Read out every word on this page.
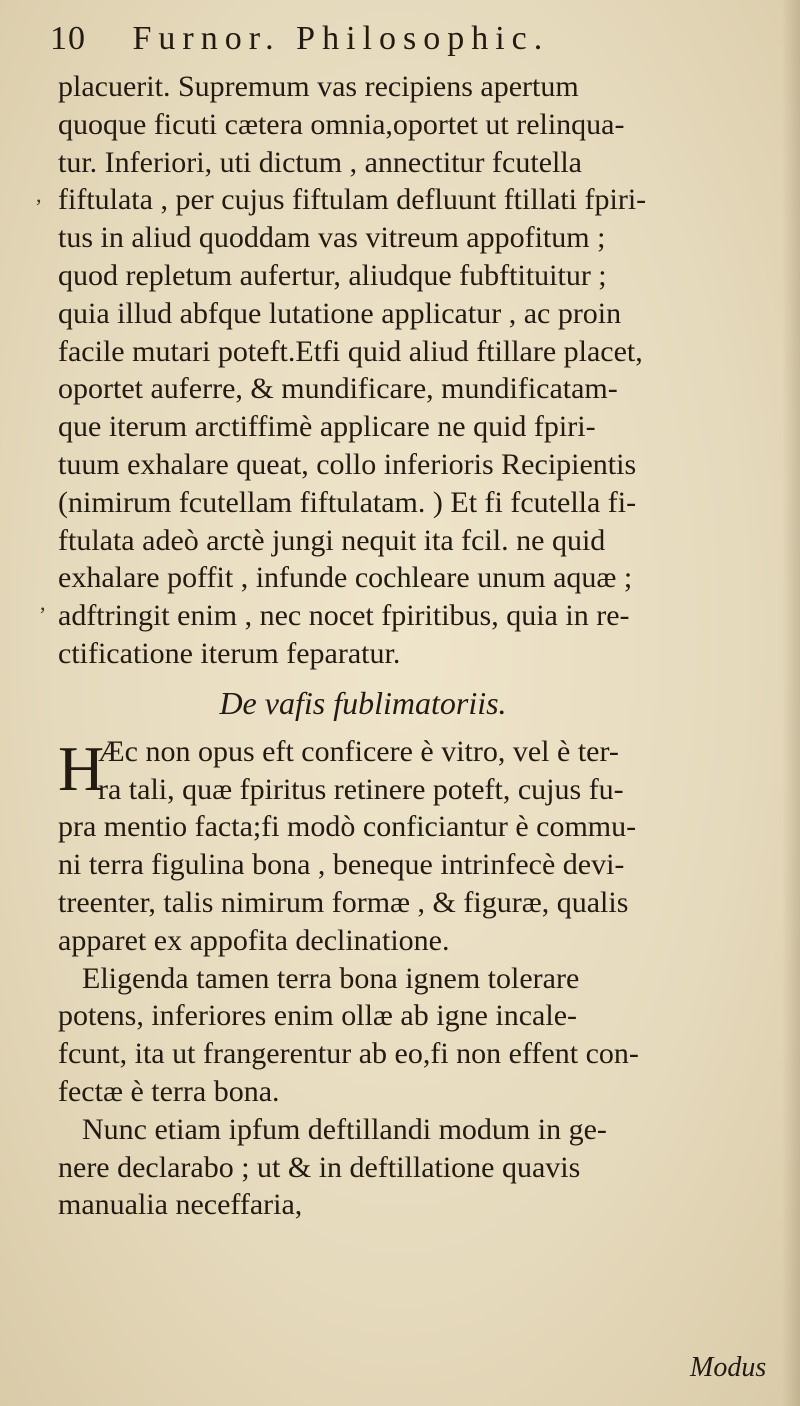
10 Furnor. Philosophic.
,
,
placuerit. Supremum vas recipiens apertum
quoque ficuti cætera omnia,oportet ut relinqua-
tur. Inferiori, uti dictum , annectitur fcutella
fiftulata , per cujus fiftulam defluunt ftillati fpiri-
tus in aliud quoddam vas vitreum appofitum ;
quod repletum aufertur, aliudque fubftituitur ;
quia illud abfque lutatione applicatur , ac proin
facile mutari poteft.Etfi quid aliud ftillare placet,
oportet auferre, & mundificare, mundificatam-
que iterum arctiffimè applicare ne quid fpiri-
tuum exhalare queat, collo inferioris Recipientis
(nimirum fcutellam fiftulatam. ) Et fi fcutella fi-
ftulata adeò arctè jungi nequit ita fcil. ne quid
exhalare poffit , infunde cochleare unum aquæ ;
adftringit enim , nec nocet fpiritibus, quia in re-
ctificatione iterum feparatur.
De vafis fublimatoriis.
H
Æc non opus eft conficere è vitro, vel è ter-
ra tali, quæ fpiritus retinere poteft, cujus fu-
pra mentio facta;fi modò conficiantur è commu-
ni terra figulina bona , beneque intrinfecè devi-
treenter, talis nimirum formæ , & figuræ, qualis
apparet ex appofita declinatione.
Eligenda tamen terra bona ignem tolerare
potens, inferiores enim ollæ ab igne incale-
fcunt, ita ut frangerentur ab eo,fi non effent con-
fectæ è terra bona.
Nunc etiam ipfum deftillandi modum in ge-
nere declarabo ; ut & in deftillatione quavis
manualia neceffaria,
Modus
